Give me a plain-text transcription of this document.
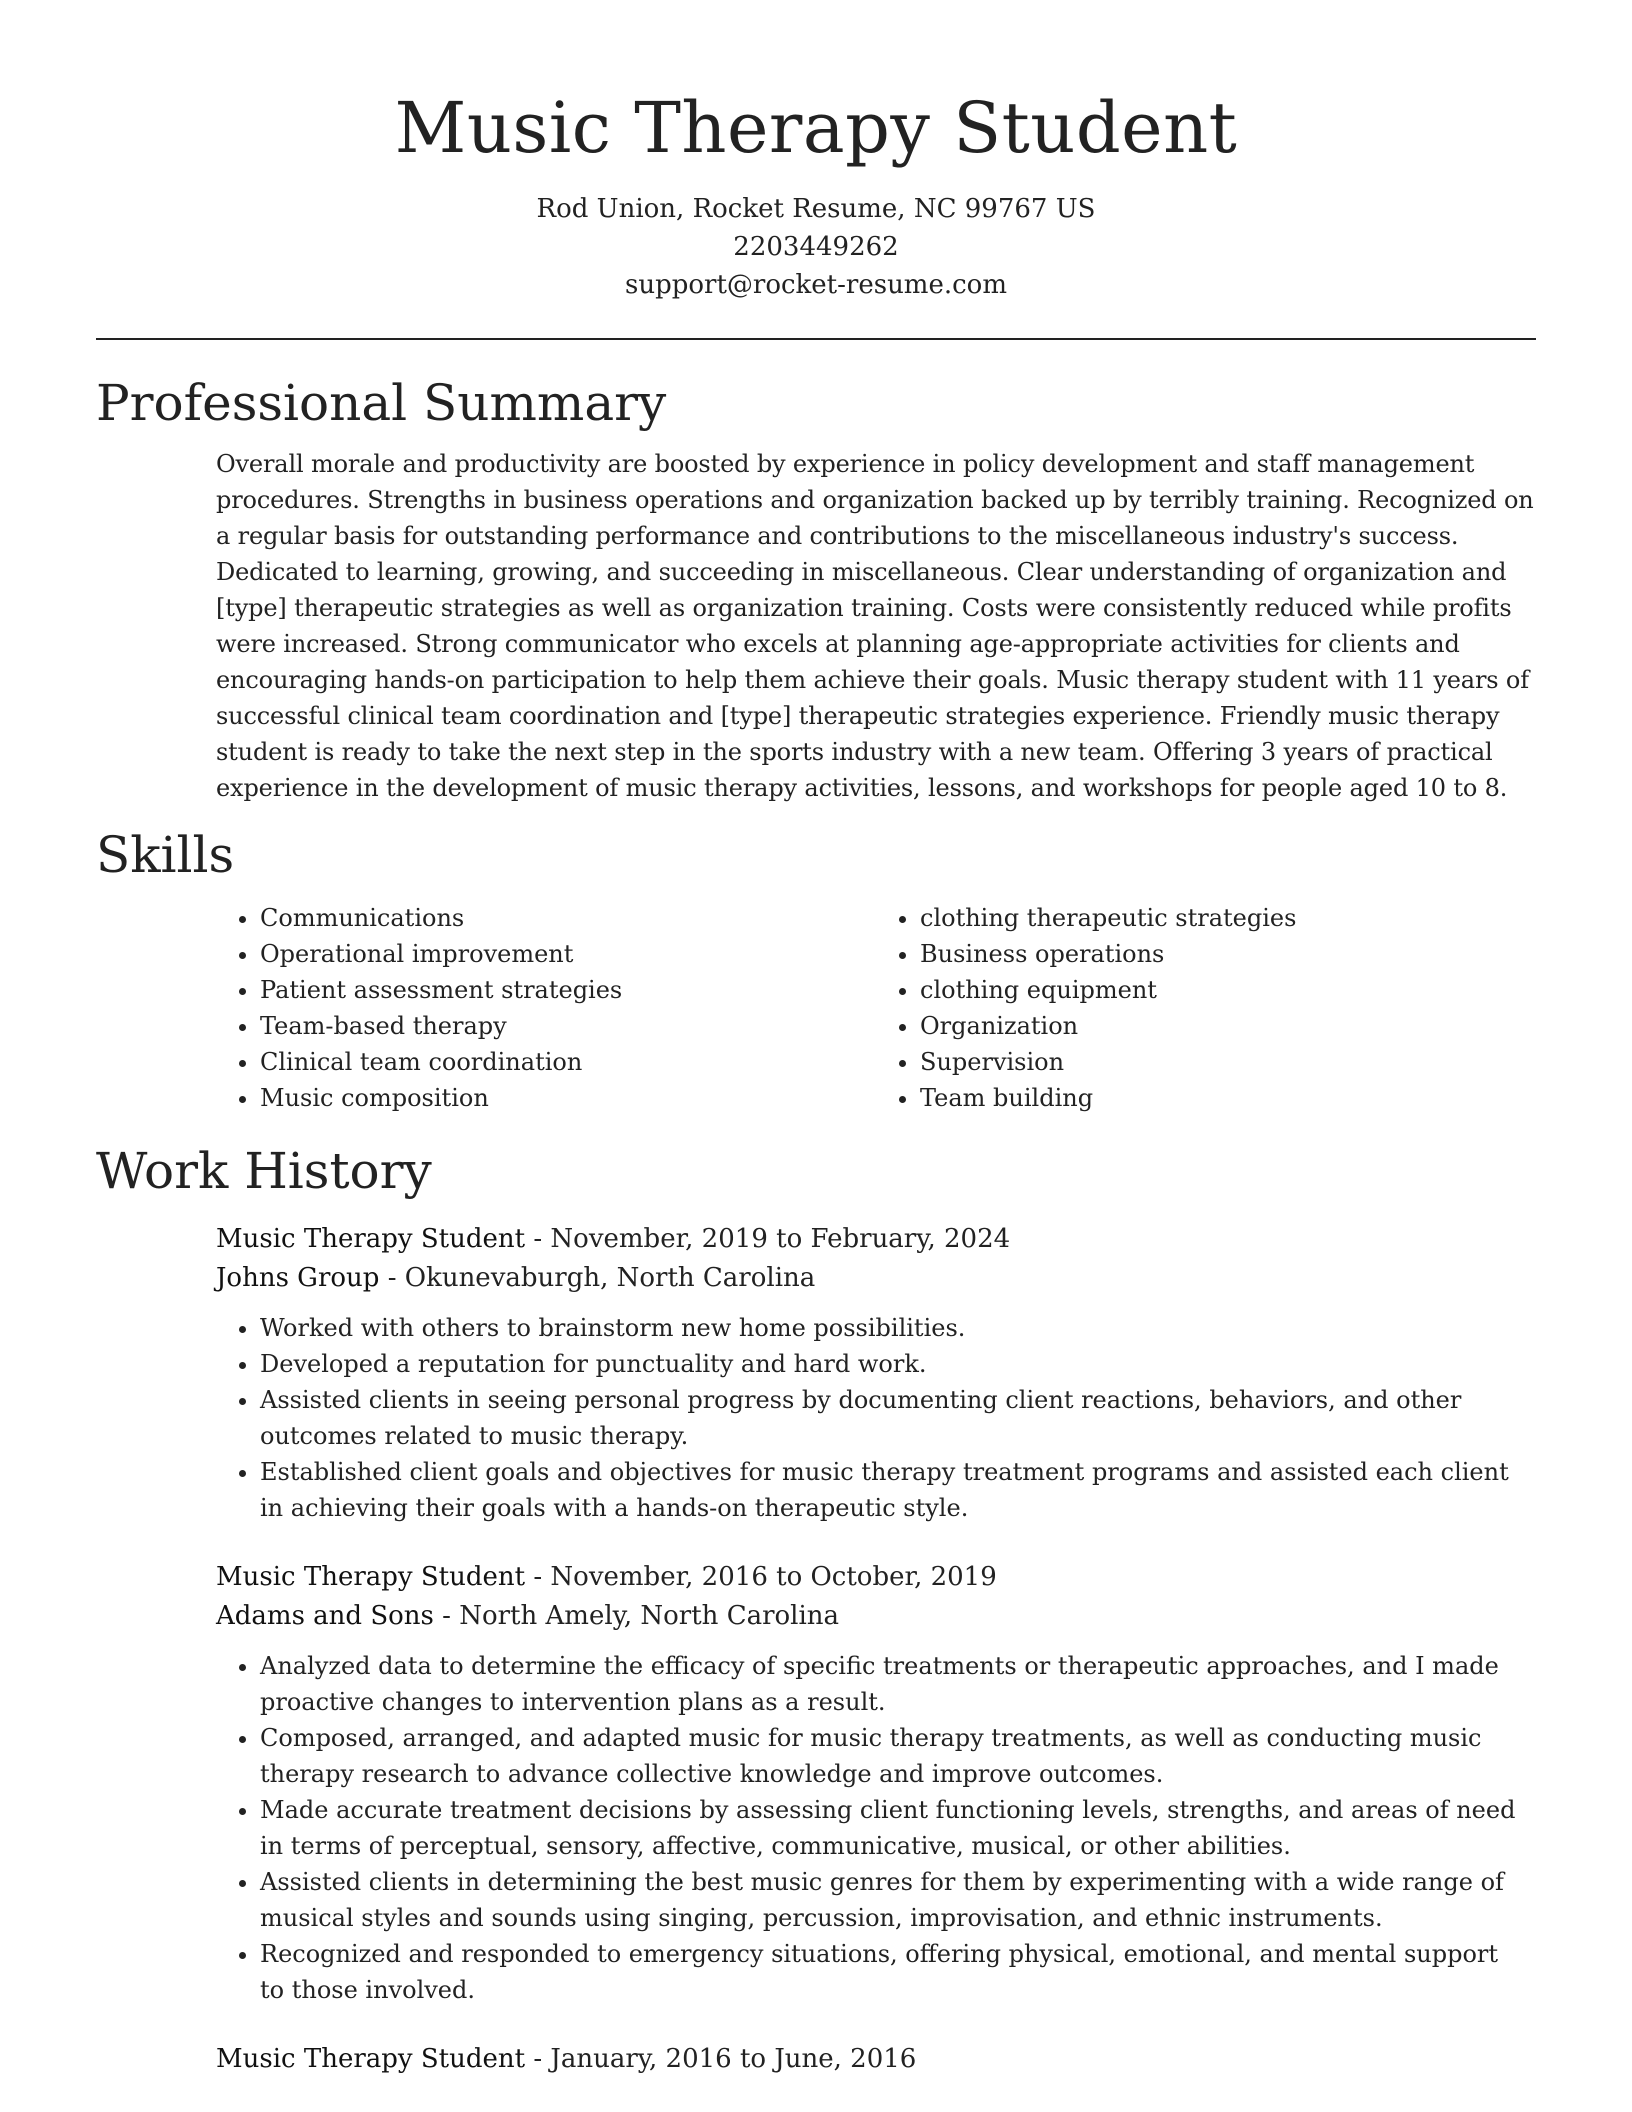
Music Therapy Student
Rod Union, Rocket Resume, NC 99767 US
2203449262
support@rocket-resume.com
Professional Summary
Overall morale and productivity are boosted by experience in policy development and staff management procedures. Strengths in business operations and organization backed up by terribly training. Recognized on a regular basis for outstanding performance and contributions to the miscellaneous industry's success. Dedicated to learning, growing, and succeeding in miscellaneous. Clear understanding of organization and [type] therapeutic strategies as well as organization training. Costs were consistently reduced while profits were increased. Strong communicator who excels at planning age-appropriate activities for clients and encouraging hands-on participation to help them achieve their goals. Music therapy student with 11 years of successful clinical team coordination and [type] therapeutic strategies experience. Friendly music therapy student is ready to take the next step in the sports industry with a new team. Offering 3 years of practical experience in the development of music therapy activities, lessons, and workshops for people aged 10 to 8.
Skills
• Communications
• Operational improvement
• Patient assessment strategies
• Team-based therapy
• Clinical team coordination
• Music composition
• clothing therapeutic strategies
• Business operations
• clothing equipment
• Organization
• Supervision
• Team building
Work History
Music Therapy Student - November, 2019 to February, 2024
Johns Group - Okunevaburgh, North Carolina
• Worked with others to brainstorm new home possibilities.
• Developed a reputation for punctuality and hard work.
• Assisted clients in seeing personal progress by documenting client reactions, behaviors, and other outcomes related to music therapy.
• Established client goals and objectives for music therapy treatment programs and assisted each client in achieving their goals with a hands-on therapeutic style.
Music Therapy Student - November, 2016 to October, 2019
Adams and Sons - North Amely, North Carolina
• Analyzed data to determine the efficacy of specific treatments or therapeutic approaches, and I made proactive changes to intervention plans as a result.
• Composed, arranged, and adapted music for music therapy treatments, as well as conducting music therapy research to advance collective knowledge and improve outcomes.
• Made accurate treatment decisions by assessing client functioning levels, strengths, and areas of need in terms of perceptual, sensory, affective, communicative, musical, or other abilities.
• Assisted clients in determining the best music genres for them by experimenting with a wide range of musical styles and sounds using singing, percussion, improvisation, and ethnic instruments.
• Recognized and responded to emergency situations, offering physical, emotional, and mental support to those involved.
Music Therapy Student - January, 2016 to June, 2016
